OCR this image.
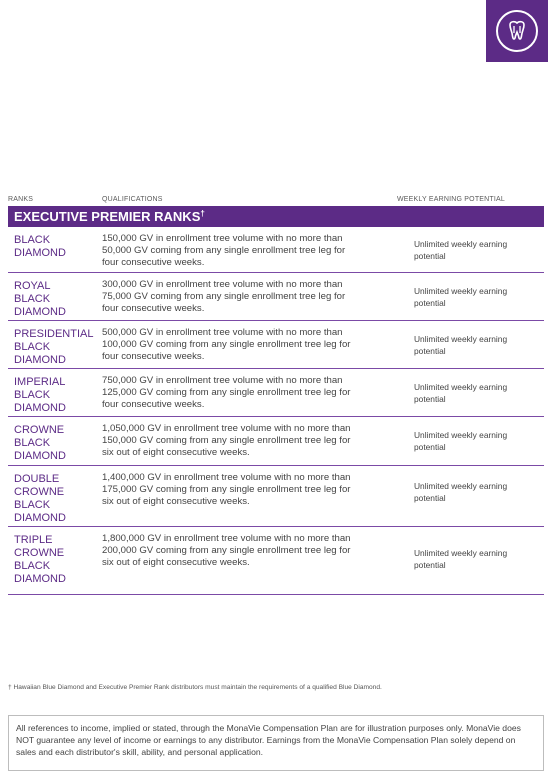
RANKS	QUALIFICATIONS	WEEKLY EARNING POTENTIAL
EXECUTIVE PREMIER RANKS†
BLACK
DIAMOND
150,000 GV in enrollment tree volume with no more than
50,000 GV coming from any single enrollment tree leg for
four consecutive weeks.
Unlimited weekly earning
potential
ROYAL
BLACK
DIAMOND
300,000 GV in enrollment tree volume with no more than
75,000 GV coming from any single enrollment tree leg for
four consecutive weeks.
Unlimited weekly earning
potential
PRESIDENTIAL
BLACK
DIAMOND
500,000 GV in enrollment tree volume with no more than
100,000 GV coming from any single enrollment tree leg for
four consecutive weeks.
Unlimited weekly earning
potential
IMPERIAL
BLACK
DIAMOND
750,000 GV in enrollment tree volume with no more than
125,000 GV coming from any single enrollment tree leg for
four consecutive weeks.
Unlimited weekly earning
potential
CROWNE
BLACK
DIAMOND
1,050,000 GV in enrollment tree volume with no more than
150,000 GV coming from any single enrollment tree leg for
six out of eight consecutive weeks.
Unlimited weekly earning
potential
DOUBLE
CROWNE
BLACK
DIAMOND
1,400,000 GV in enrollment tree volume with no more than
175,000 GV coming from any single enrollment tree leg for
six out of eight consecutive weeks.
Unlimited weekly earning
potential
TRIPLE
CROWNE
BLACK
DIAMOND
1,800,000 GV in enrollment tree volume with no more than
200,000 GV coming from any single enrollment tree leg for
six out of eight consecutive weeks.
Unlimited weekly earning
potential
† Hawaiian Blue Diamond and Executive Premier Rank distributors must maintain the requirements of a qualified Blue Diamond.
All references to income, implied or stated, through the MonaVie Compensation Plan are for illustration purposes only. MonaVie does NOT guarantee any level of income or earnings to any distributor. Earnings from the MonaVie Compensation Plan solely depend on sales and each distributor's skill, ability, and personal application.
